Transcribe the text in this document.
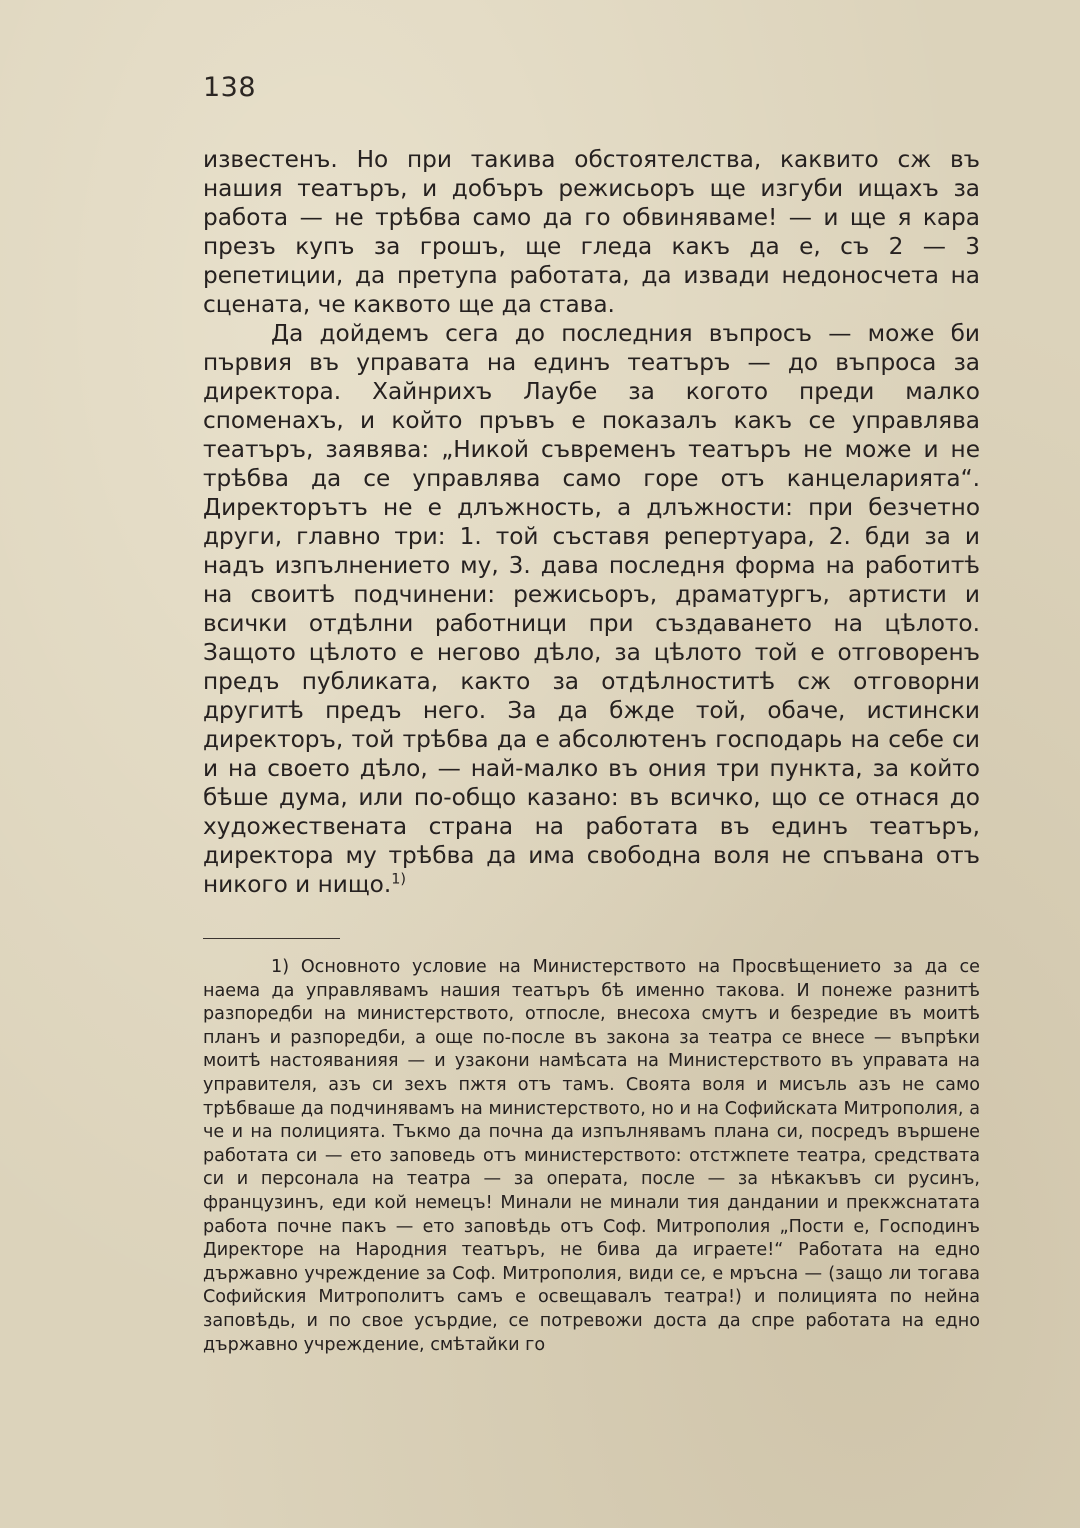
138

известенъ. Но при такива обстоятелства, каквито сж въ нашия театъръ, и добъръ режисьоръ ще изгуби ищахъ за работа — не трѣбва само да го обвиняваме! — и ще я кара презъ купъ за грошъ, ще гледа какъ да е, съ 2 — 3 репетиции, да претупа работата, да извади недоносчета на сцената, че каквото ще да става.

Да дойдемъ сега до последния въпросъ — може би първия въ управата на единъ театъръ — до въпроса за директора. Хайнрихъ Лаубе за когото преди малко споменахъ, и който пръвъ е показалъ какъ се управлява театъръ, заявява: „Никой съвременъ театъръ не може и не трѣбва да се управлява само горе отъ канцеларията“. Директорътъ не е длъжность, а длъжности: при безчетно други, главно три: 1. той съставя репертуара, 2. бди за и надъ изпълнението му, 3. дава последня форма на работитѣ на своитѣ подчинени: режисьоръ, драматургъ, артисти и всички отдѣлни работници при създаването на цѣлото. Защото цѣлото е негово дѣло, за цѣлото той е отговоренъ предъ публиката, както за отдѣлноститѣ сж отговорни другитѣ предъ него. За да бжде той, обаче, истински директоръ, той трѣбва да е абсолютенъ господарь на себе си и на своето дѣло, — най-малко въ ония три пункта, за който бѣше дума, или по-общо казано: въ всичко, що се отнася до художествената страна на работата въ единъ театъръ, директора му трѣбва да има свободна воля не спъвана отъ никого и нищо.$^{1)}$

1) Основното условие на Министерството на Просвѣщението за да се наема да управлявамъ нашия театъръ бѣ именно такова. И понеже разнитѣ разпоредби на министерството, отпосле, внесоха смутъ и безредие въ моитѣ планъ и разпоредби, а още по-после въ закона за театра се внесе — въпрѣки моитѣ настояванияя — и узакони намѣсата на Министерството въ управата на управителя, азъ си зехъ пжтя отъ тамъ. Своята воля и мисъль азъ не само трѣбваше да подчинявамъ на министерството, но и на Софийската Митрополия, а че и на полицията. Тъкмо да почна да изпълнявамъ плана си, посредъ вършене работата си — ето заповедь отъ министерството: отстжпете театра, средствата си и персонала на театра — за операта, после — за нѣкакъвъ си русинъ, французинъ, еди кой немецъ! Минали не минали тия дандании и прекжснатата работа почне пакъ — ето заповѣдь отъ Соф. Митрополия „Пости е, Господинъ Директоре на Народния театъръ, не бива да играете!“ Работата на едно държавно учреждение за Соф. Митрополия, види се, е мръсна — (защо ли тогава Софийския Митрополитъ самъ е освещавалъ театра!) и полицията по нейна заповѣдь, и по свое усърдие, се потревожи доста да спре работата на едно държавно учреждение, смѣтайки го
